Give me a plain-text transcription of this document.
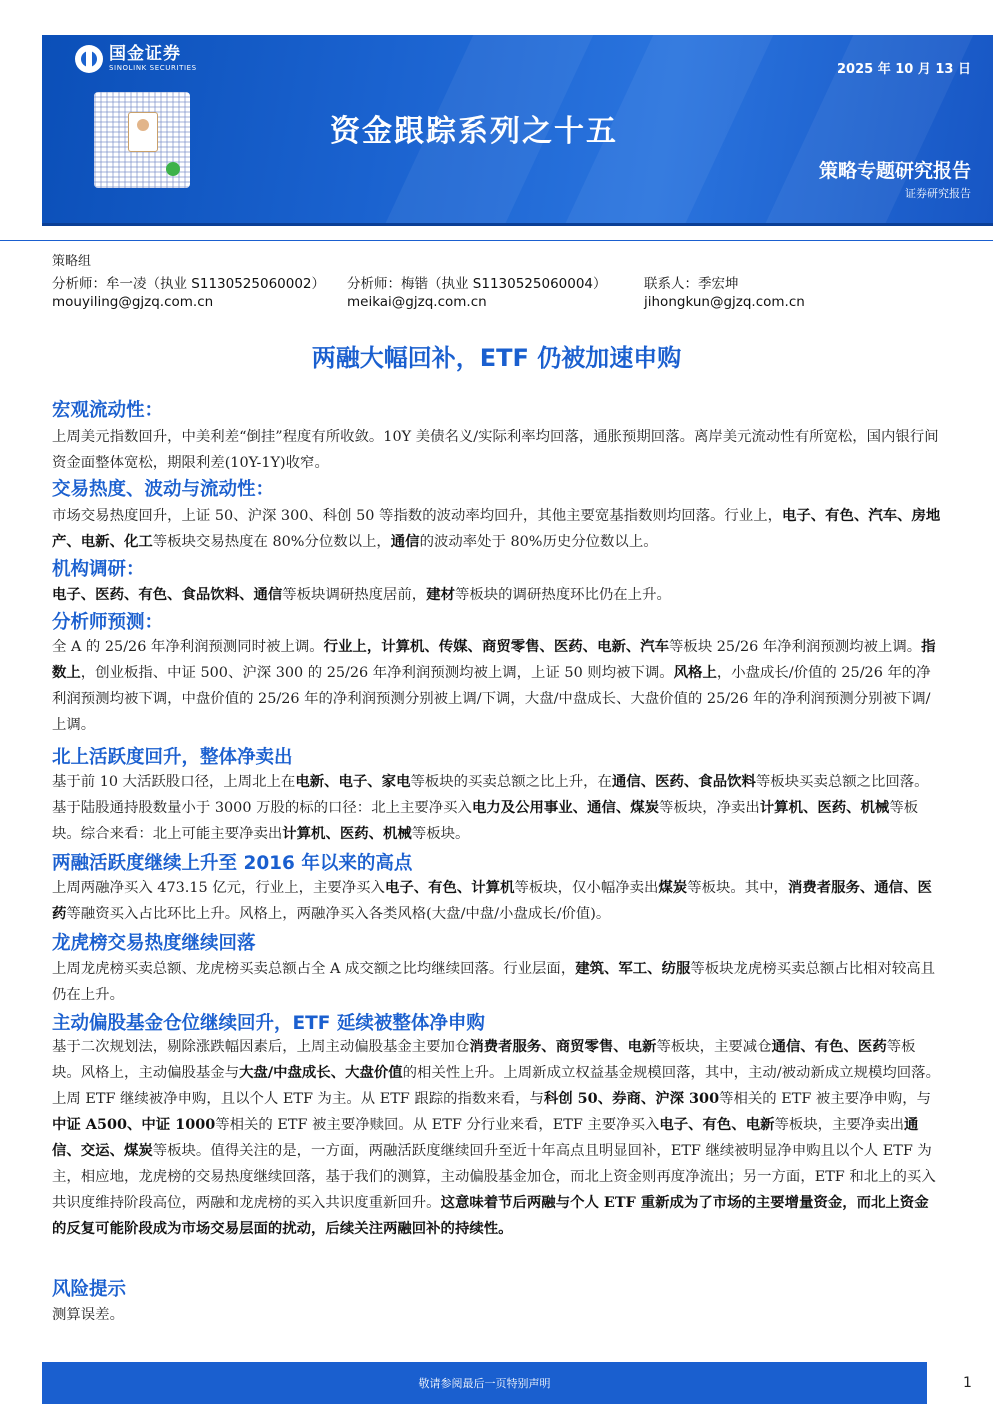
国金证券
SINOLINK SECURITIES	2025 年 10 月 13 日
资金跟踪系列之十五
策略专题研究报告
证券研究报告
策略组
分析师：牟一凌（执业 S1130525060002）
mouyiling@gjzq.com.cn
分析师：梅锴（执业 S1130525060004）
meikai@gjzq.com.cn
联系人：季宏坤
jihongkun@gjzq.com.cn
两融大幅回补，ETF 仍被加速申购
宏观流动性：
上周美元指数回升，中美利差“倒挂”程度有所收敛。10Y 美债名义/实际利率均回落，通胀预期回落。离岸美元流动性有所宽松，国内银行间资金面整体宽松，期限利差(10Y-1Y)收窄。
交易热度、波动与流动性：
市场交易热度回升，上证 50、沪深 300、科创 50 等指数的波动率均回升，其他主要宽基指数则均回落。行业上，电子、有色、汽车、房地产、电新、化工等板块交易热度在 80%分位数以上，通信的波动率处于 80%历史分位数以上。
机构调研：
电子、医药、有色、食品饮料、通信等板块调研热度居前，建材等板块的调研热度环比仍在上升。
分析师预测：
全 A 的 25/26 年净利润预测同时被上调。行业上，计算机、传媒、商贸零售、医药、电新、汽车等板块 25/26 年净利润预测均被上调。指数上，创业板指、中证 500、沪深 300 的 25/26 年净利润预测均被上调，上证 50 则均被下调。风格上，小盘成长/价值的 25/26 年的净利润预测均被下调，中盘价值的 25/26 年的净利润预测分别被上调/下调，大盘/中盘成长、大盘价值的 25/26 年的净利润预测分别被下调/上调。
北上活跃度回升，整体净卖出
基于前 10 大活跃股口径，上周北上在电新、电子、家电等板块的买卖总额之比上升，在通信、医药、食品饮料等板块买卖总额之比回落。基于陆股通持股数量小于 3000 万股的标的口径：北上主要净买入电力及公用事业、通信、煤炭等板块，净卖出计算机、医药、机械等板块。综合来看：北上可能主要净卖出计算机、医药、机械等板块。
两融活跃度继续上升至 2016 年以来的高点
上周两融净买入 473.15 亿元，行业上，主要净买入电子、有色、计算机等板块，仅小幅净卖出煤炭等板块。其中，消费者服务、通信、医药等融资买入占比环比上升。风格上，两融净买入各类风格(大盘/中盘/小盘成长/价值)。
龙虎榜交易热度继续回落
上周龙虎榜买卖总额、龙虎榜买卖总额占全 A 成交额之比均继续回落。行业层面，建筑、军工、纺服等板块龙虎榜买卖总额占比相对较高且仍在上升。
主动偏股基金仓位继续回升，ETF 延续被整体净申购
基于二次规划法，剔除涨跌幅因素后，上周主动偏股基金主要加仓消费者服务、商贸零售、电新等板块，主要减仓通信、有色、医药等板块。风格上，主动偏股基金与大盘/中盘成长、大盘价值的相关性上升。上周新成立权益基金规模回落，其中，主动/被动新成立规模均回落。上周 ETF 继续被净申购，且以个人 ETF 为主。从 ETF 跟踪的指数来看，与科创 50、券商、沪深 300等相关的 ETF 被主要净申购，与中证 A500、中证 1000等相关的 ETF 被主要净赎回。从 ETF 分行业来看，ETF 主要净买入电子、有色、电新等板块，主要净卖出通信、交运、煤炭等板块。值得关注的是，一方面，两融活跃度继续回升至近十年高点且明显回补，ETF 继续被明显净申购且以个人 ETF 为主，相应地，龙虎榜的交易热度继续回落，基于我们的测算，主动偏股基金加仓，而北上资金则再度净流出；另一方面，ETF 和北上的买入共识度维持阶段高位，两融和龙虎榜的买入共识度重新回升。这意味着节后两融与个人 ETF 重新成为了市场的主要增量资金，而北上资金的反复可能阶段成为市场交易层面的扰动，后续关注两融回补的持续性。
风险提示
测算误差。
敬请参阅最后一页特别声明	1
